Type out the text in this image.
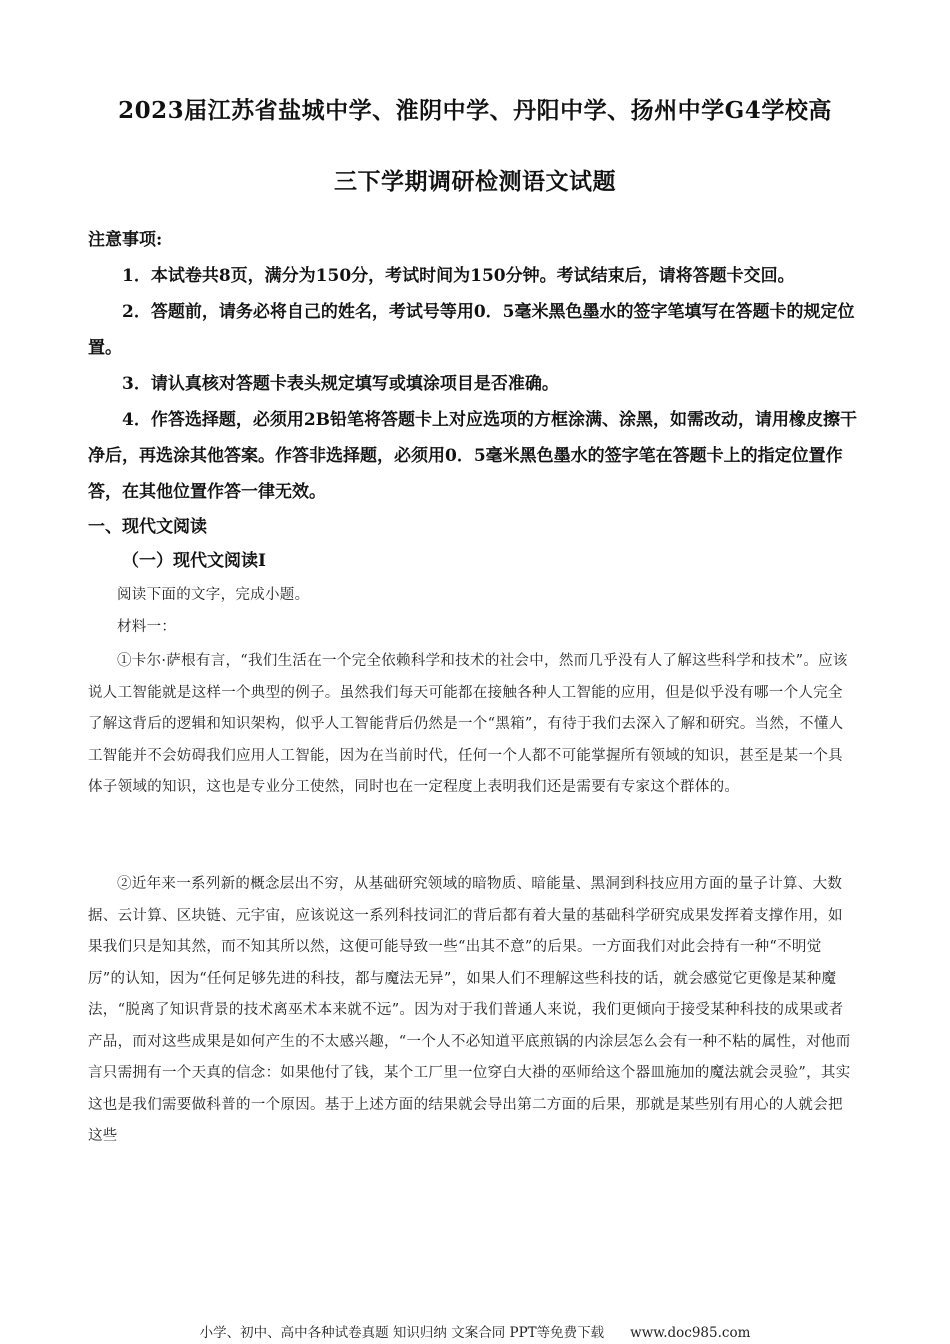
2023届江苏省盐城中学、淮阴中学、丹阳中学、扬州中学G4学校高
三下学期调研检测语文试题

注意事项:

1．本试卷共8页，满分为150分，考试时间为150分钟。考试结束后，请将答题卡交回。

2．答题前，请务必将自己的姓名，考试号等用0．5毫米黑色墨水的签字笔填写在答题卡的规定位置。

3．请认真核对答题卡表头规定填写或填涂项目是否准确。

4．作答选择题，必须用2B铅笔将答题卡上对应选项的方框涂满、涂黑，如需改动，请用橡皮擦干净后，再选涂其他答案。作答非选择题，必须用0．5毫米黑色墨水的签字笔在答题卡上的指定位置作答，在其他位置作答一律无效。

一、现代文阅读
（一）现代文阅读Ⅰ

阅读下面的文字，完成小题。

材料一：

①卡尔·萨根有言，“我们生活在一个完全依赖科学和技术的社会中，然而几乎没有人了解这些科学和技术”。应该说人工智能就是这样一个典型的例子。虽然我们每天可能都在接触各种人工智能的应用，但是似乎没有哪一个人完全了解这背后的逻辑和知识架构，似乎人工智能背后仍然是一个“黑箱”，有待于我们去深入了解和研究。当然，不懂人工智能并不会妨碍我们应用人工智能，因为在当前时代，任何一个人都不可能掌握所有领域的知识，甚至是某一个具体子领域的知识，这也是专业分工使然，同时也在一定程度上表明我们还是需要有专家这个群体的。

②近年来一系列新的概念层出不穷，从基础研究领域的暗物质、暗能量、黑洞到科技应用方面的量子计算、大数据、云计算、区块链、元宇宙，应该说这一系列科技词汇的背后都有着大量的基础科学研究成果发挥着支撑作用，如果我们只是知其然，而不知其所以然，这便可能导致一些“出其不意”的后果。一方面我们对此会持有一种“不明觉厉”的认知，因为“任何足够先进的科技，都与魔法无异”，如果人们不理解这些科技的话，就会感觉它更像是某种魔法，“脱离了知识背景的技术离巫术本来就不远”。因为对于我们普通人来说，我们更倾向于接受某种科技的成果或者产品，而对这些成果是如何产生的不太感兴趣，“一个人不必知道平底煎锅的内涂层怎么会有一种不粘的属性，对他而言只需拥有一个天真的信念：如果他付了钱，某个工厂里一位穿白大褂的巫师给这个器皿施加的魔法就会灵验”，其实这也是我们需要做科普的一个原因。基于上述方面的结果就会导出第二方面的后果，那就是某些别有用心的人就会把这些

小学、初中、高中各种试卷真题 知识归纳 文案合同 PPT等免费下载 www.doc985.com
